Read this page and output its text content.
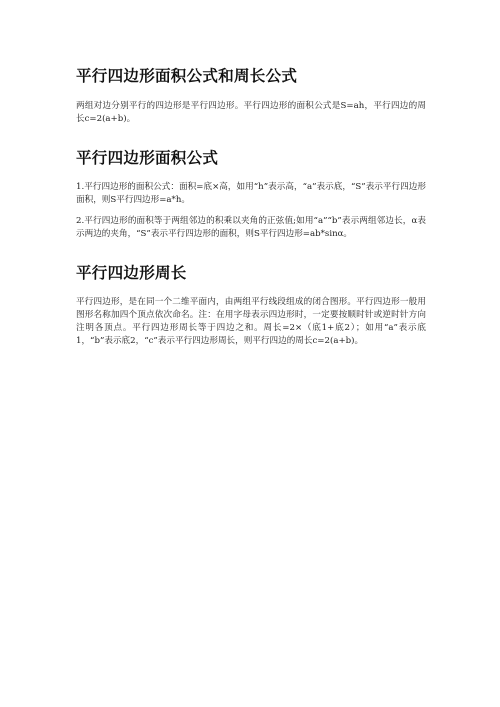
平行四边形面积公式和周长公式

两组对边分别平行的四边形是平行四边形。平行四边形的面积公式是S=ah，平行四边的周长c=2(a+b)。

平行四边形面积公式

1.平行四边形的面积公式：面积=底×高，如用“h”表示高，“a”表示底，“S”表示平行四边形面积，则S平行四边形=a*h。

2.平行四边形的面积等于两组邻边的积乘以夹角的正弦值;如用“a”“b”表示两组邻边长，α表示两边的夹角，“S”表示平行四边形的面积，则S平行四边形=ab*sinα。

平行四边形周长

平行四边形，是在同一个二维平面内，由两组平行线段组成的闭合图形。平行四边形一般用图形名称加四个顶点依次命名。注：在用字母表示四边形时，一定要按顺时针或逆时针方向注明各顶点。平行四边形周长等于四边之和。周长=2×（底1+底2）；如用“a”表示底1，“b”表示底2，“c”表示平行四边形周长，则平行四边的周长c=2(a+b)。
